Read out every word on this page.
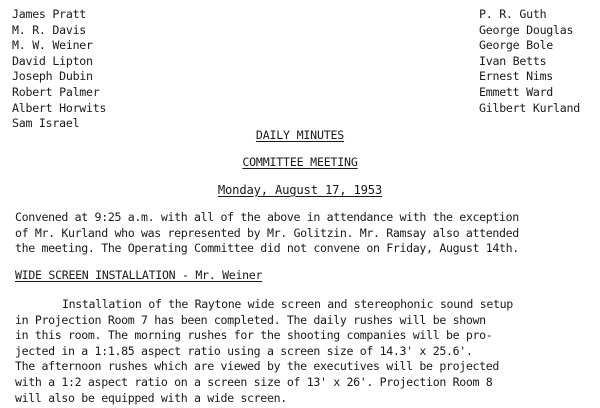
James Pratt
M. R. Davis
M. W. Weiner
David Lipton
Joseph Dubin
Robert Palmer
Albert Horwits
Sam Israel
P. R. Guth
George Douglas
George Bole
Ivan Betts
Ernest Nims
Emmett Ward
Gilbert Kurland
DAILY MINUTES
COMMITTEE MEETING
Monday, August 17, 1953
Convened at 9:25 a.m. with all of the above in attendance with the exception
of Mr. Kurland who was represented by Mr. Golitzin. Mr. Ramsay also attended
the meeting. The Operating Committee did not convene on Friday, August 14th.
WIDE SCREEN INSTALLATION - Mr. Weiner
Installation of the Raytone wide screen and stereophonic sound setup
in Projection Room 7 has been completed. The daily rushes will be shown
in this room. The morning rushes for the shooting companies will be pro-
jected in a 1:1.85 aspect ratio using a screen size of 14.3' x 25.6'.
The afternoon rushes which are viewed by the executives will be projected
with a 1:2 aspect ratio on a screen size of 13' x 26'. Projection Room 8
will also be equipped with a wide screen.
